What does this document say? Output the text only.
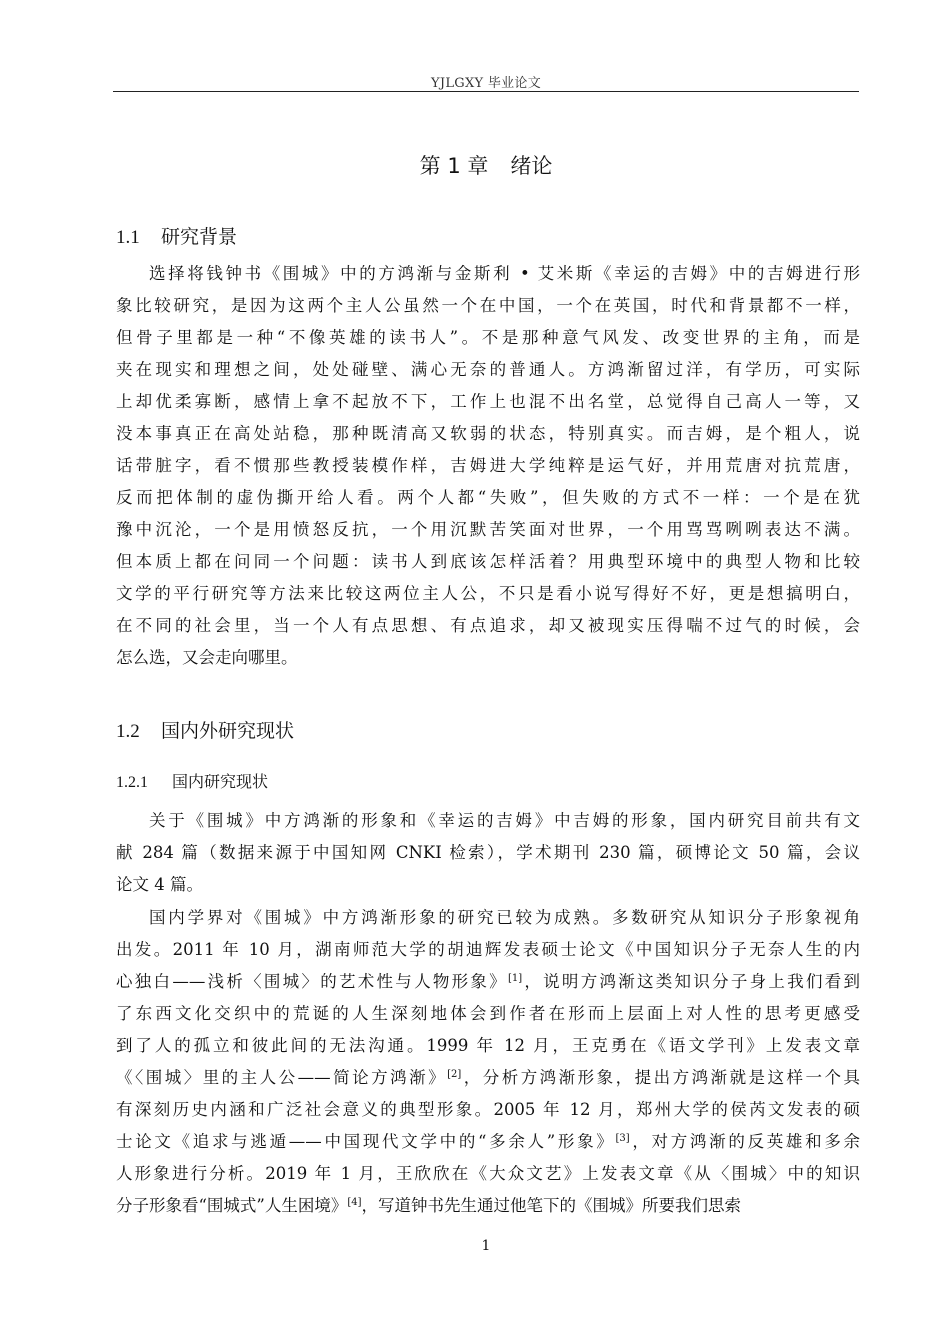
YJLGXY 毕业论文
第 1 章 绪论
1.1 研究背景
选择将钱钟书《围城》中的方鸿渐与金斯利 • 艾米斯《幸运的吉姆》中的吉姆进行形
象比较研究，是因为这两个主人公虽然一个在中国，一个在英国，时代和背景都不一样，
但骨子里都是一种“不像英雄的读书人”。不是那种意气风发、改变世界的主角，而是
夹在现实和理想之间，处处碰壁、满心无奈的普通人。方鸿渐留过洋，有学历，可实际
上却优柔寡断，感情上拿不起放不下，工作上也混不出名堂，总觉得自己高人一等，又
没本事真正在高处站稳，那种既清高又软弱的状态，特别真实。而吉姆，是个粗人，说
话带脏字，看不惯那些教授装模作样，吉姆进大学纯粹是运气好，并用荒唐对抗荒唐，
反而把体制的虚伪撕开给人看。两个人都“失败”，但失败的方式不一样：一个是在犹
豫中沉沦，一个是用愤怒反抗，一个用沉默苦笑面对世界，一个用骂骂咧咧表达不满。
但本质上都在问同一个问题：读书人到底该怎样活着？用典型环境中的典型人物和比较
文学的平行研究等方法来比较这两位主人公，不只是看小说写得好不好，更是想搞明白，
在不同的社会里，当一个人有点思想、有点追求，却又被现实压得喘不过气的时候，会
怎么选，又会走向哪里。
1.2 国内外研究现状
1.2.1 国内研究现状
关于《围城》中方鸿渐的形象和《幸运的吉姆》中吉姆的形象，国内研究目前共有文
献 284 篇（数据来源于中国知网 CNKI 检索），学术期刊 230 篇，硕博论文 50 篇，会议
论文 4 篇。
国内学界对《围城》中方鸿渐形象的研究已较为成熟。多数研究从知识分子形象视角
出发。2011 年 10 月，湖南师范大学的胡迪辉发表硕士论文《中国知识分子无奈人生的内
心独白——浅析〈围城〉的艺术性与人物形象》[1]，说明方鸿渐这类知识分子身上我们看到
了东西文化交织中的荒诞的人生深刻地体会到作者在形而上层面上对人性的思考更感受
到了人的孤立和彼此间的无法沟通。1999 年 12 月，王克勇在《语文学刊》上发表文章
《〈围城〉里的主人公——简论方鸿渐》[2]，分析方鸿渐形象，提出方鸿渐就是这样一个具
有深刻历史内涵和广泛社会意义的典型形象。2005 年 12 月，郑州大学的侯芮文发表的硕
士论文《追求与逃遁——中国现代文学中的“多余人”形象》[3]，对方鸿渐的反英雄和多余
人形象进行分析。2019 年 1 月，王欣欣在《大众文艺》上发表文章《从〈围城〉中的知识
分子形象看“围城式”人生困境》[4]，写道钟书先生通过他笔下的《围城》所要我们思索
1
